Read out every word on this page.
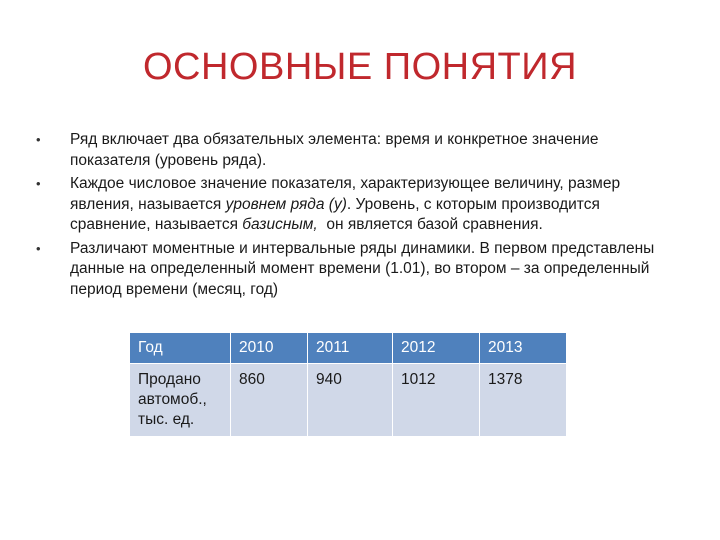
ОСНОВНЫЕ ПОНЯТИЯ
•	Ряд включает два обязательных элемента: время и конкретное значение показателя (уровень ряда).
•	Каждое числовое значение показателя, характеризующее величину, размер явления, называется уровнем ряда (у). Уровень, с которым производится сравнение, называется базисным,  он является базой сравнения.
•	Различают моментные и интервальные ряды динамики. В первом представлены данные на определенный момент времени (1.01), во втором – за определенный период времени (месяц, год)
Год	2010	2011	2012	2013
Продано автомоб., тыс. ед.	860	940	1012	1378
